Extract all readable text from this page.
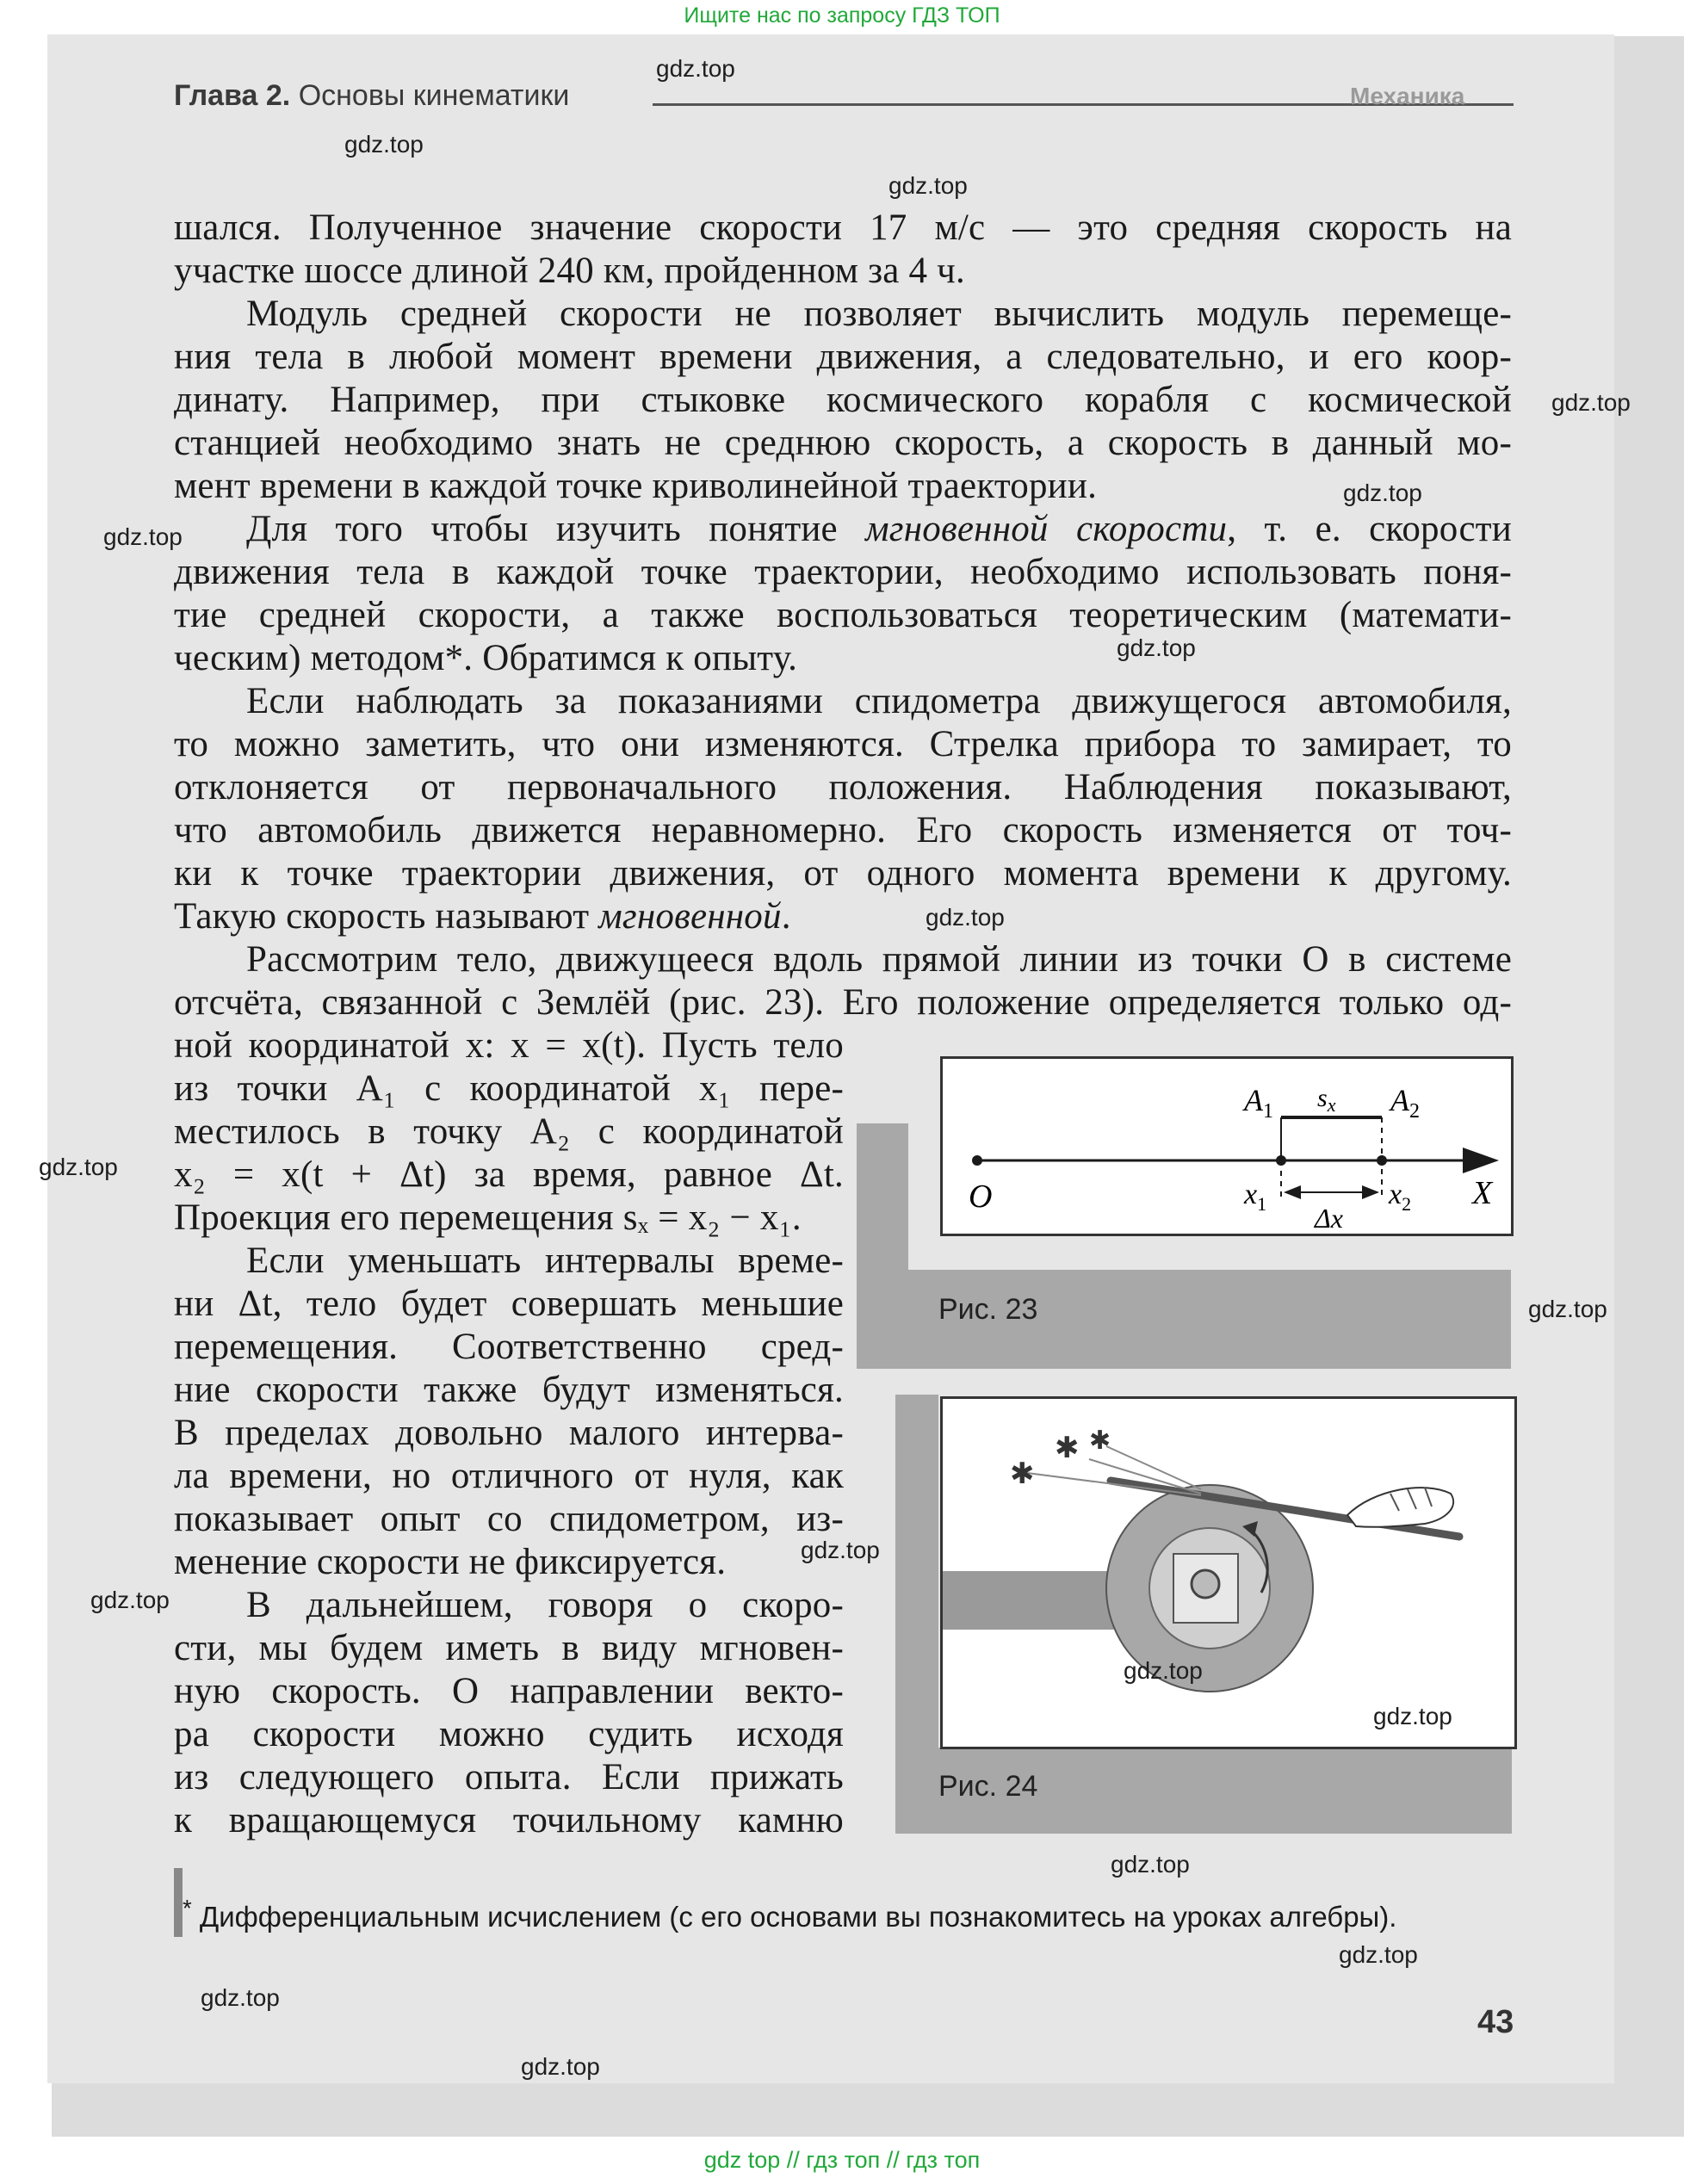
Ищите нас по запросу ГДЗ ТОП
Глава 2. Основы кинематики	Механика
шался. Полученное значение скорости 17 м/с — это средняя скорость на
участке шоссе длиной 240 км, пройденном за 4 ч.
Модуль средней скорости не позволяет вычислить модуль перемеще-
ния тела в любой момент времени движения, а следовательно, и его коор-
динату. Например, при стыковке космического корабля с космической
станцией необходимо знать не среднюю скорость, а скорость в данный мо-
мент времени в каждой точке криволинейной траектории.
Для того чтобы изучить понятие мгновенной скорости, т. е. скорости
движения тела в каждой точке траектории, необходимо использовать поня-
тие средней скорости, а также воспользоваться теоретическим (математи-
ческим) методом*. Обратимся к опыту.
Если наблюдать за показаниями спидометра движущегося автомобиля,
то можно заметить, что они изменяются. Стрелка прибора то замирает, то
отклоняется от первоначального положения. Наблюдения показывают,
что автомобиль движется неравномерно. Его скорость изменяется от точ-
ки к точке траектории движения, от одного момента времени к другому.
Такую скорость называют мгновенной.
Рассмотрим тело, движущееся вдоль прямой линии из точки O в системе
отсчёта, связанной с Землёй (рис. 23). Его положение определяется только од-
ной координатой x: x = x(t). Пусть тело
из точки A₁ с координатой x₁ пере-
местилось в точку A₂ с координатой
x₂ = x(t + Δt) за время, равное Δt.
Проекция его перемещения sₓ = x₂ − x₁.
Если уменьшать интервалы време-
ни Δt, тело будет совершать меньшие
перемещения. Соответственно сред-
ние скорости также будут изменяться.
В пределах довольно малого интерва-
ла времени, но отличного от нуля, как
показывает опыт со спидометром, из-
менение скорости не фиксируется.
В дальнейшем, говоря о скоро-
сти, мы будем иметь в виду мгновен-
ную скорость. О направлении векто-
ра скорости можно судить исходя
из следующего опыта. Если прижать
к вращающемуся точильному камню
O	X
$A_1$	$A_2$
$s_x$
$x_1$	$x_2$
Δx
Рис. 23
✱
✱ ✱
Рис. 24
* Дифференциальным исчислением (с его основами вы познакомитесь на уроках алгебры).
43
gdz.top
gdz.top
gdz.top
gdz.top
gdz.top
gdz.top
gdz.top
gdz.top
gdz.top
gdz.top
gdz.top
gdz.top
gdz.top
gdz.top
gdz.top
gdz.top
gdz.top
gdz.top
gdz top // гдз топ // гдз топ
